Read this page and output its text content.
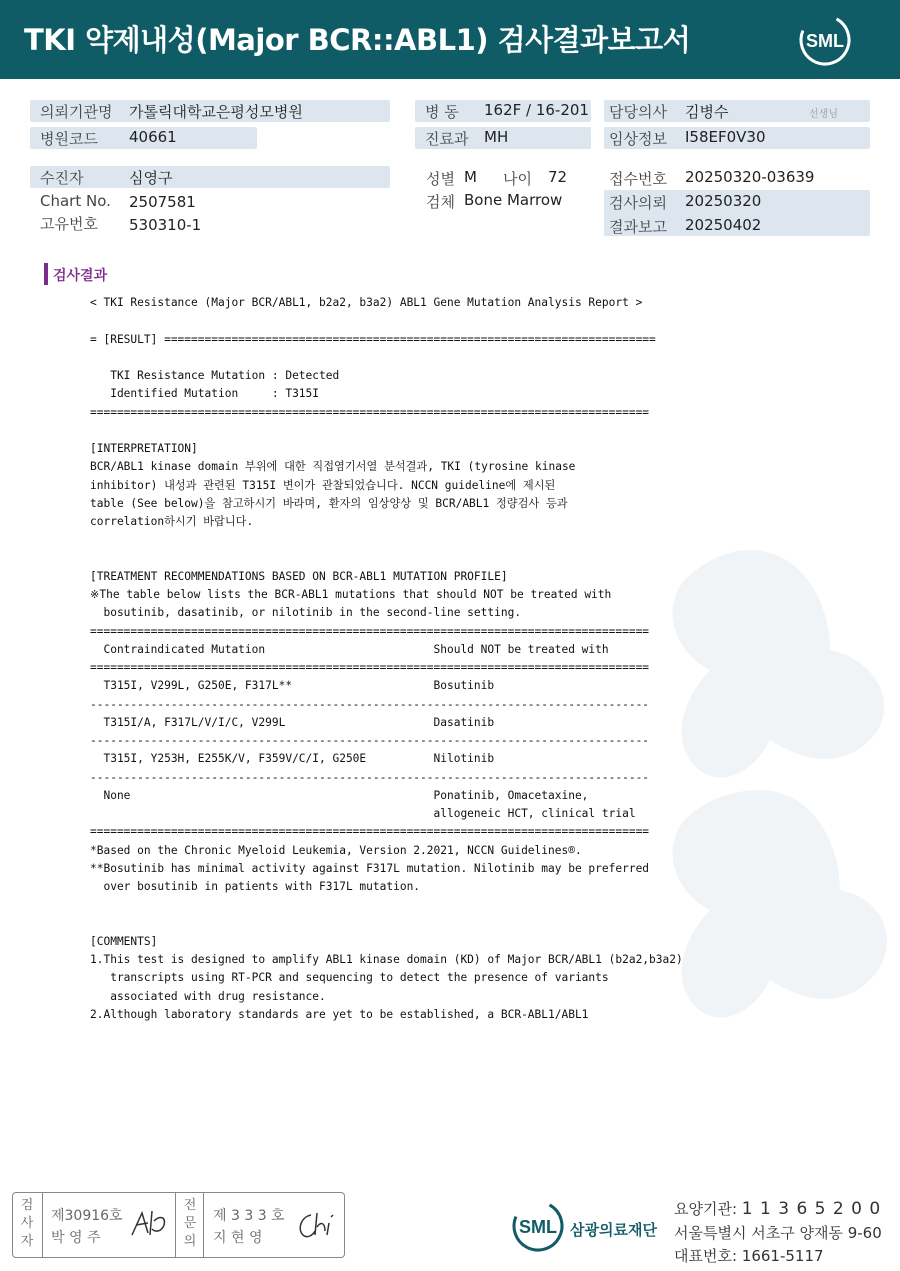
TKI 약제내성(Major BCR::ABL1) 검사결과보고서	SML
의뢰기관명 가톨릭대학교은평성모병원
병원코드 40661
병 동 162F / 16-201
진료과 MH
담당의사 김병수	선생님
임상정보 I58EF0V30
수진자	심영구
Chart No. 2507581
고유번호 530310-1
성별 M 나이 72
검체 Bone Marrow
접수번호 20250320-03639
검사의뢰 20250320
결과보고 20250402
검사결과
< TKI Resistance (Major BCR/ABL1, b2a2, b3a2) ABL1 Gene Mutation Analysis Report >
= [RESULT] =========================================================================
TKI Resistance Mutation : Detected
Identified Mutation     : T315I
===================================================================================
[INTERPRETATION]
BCR/ABL1 kinase domain 부위에 대한 직접염기서열 분석결과, TKI (tyrosine kinase
inhibitor) 내성과 관련된 T315I 변이가 관찰되었습니다. NCCN guideline에 제시된
table (See below)을 참고하시기 바라며, 환자의 임상양상 및 BCR/ABL1 정량검사 등과
correlation하시기 바랍니다.
[TREATMENT RECOMMENDATIONS BASED ON BCR-ABL1 MUTATION PROFILE]
※The table below lists the BCR-ABL1 mutations that should NOT be treated with
bosutinib, dasatinib, or nilotinib in the second-line setting.
===================================================================================
Contraindicated Mutation                         Should NOT be treated with
===================================================================================
T315I, V299L, G250E, F317L**                     Bosutinib
-----------------------------------------------------------------------------------
T315I/A, F317L/V/I/C, V299L                      Dasatinib
-----------------------------------------------------------------------------------
T315I, Y253H, E255K/V, F359V/C/I, G250E          Nilotinib
-----------------------------------------------------------------------------------
None                                             Ponatinib, Omacetaxine,
allogeneic HCT, clinical trial
===================================================================================
*Based on the Chronic Myeloid Leukemia, Version 2.2021, NCCN Guidelines®.
**Bosutinib has minimal activity against F317L mutation. Nilotinib may be preferred
over bosutinib in patients with F317L mutation.
[COMMENTS]
1.This test is designed to amplify ABL1 kinase domain (KD) of Major BCR/ABL1 (b2a2,b3a2)
transcripts using RT-PCR and sequencing to detect the presence of variants
associated with drug resistance.
2.Although laboratory standards are yet to be established, a BCR-ABL1/ABL1
검
사
자
제30916호
박 영 주
전
문
의
제 3 3 3 호
지 현 영
SML 삼광의료재단
요양기관: 1 1 3 6 5 2 0 0
서울특별시 서초구 양재동 9-60
대표번호: 1661-5117
